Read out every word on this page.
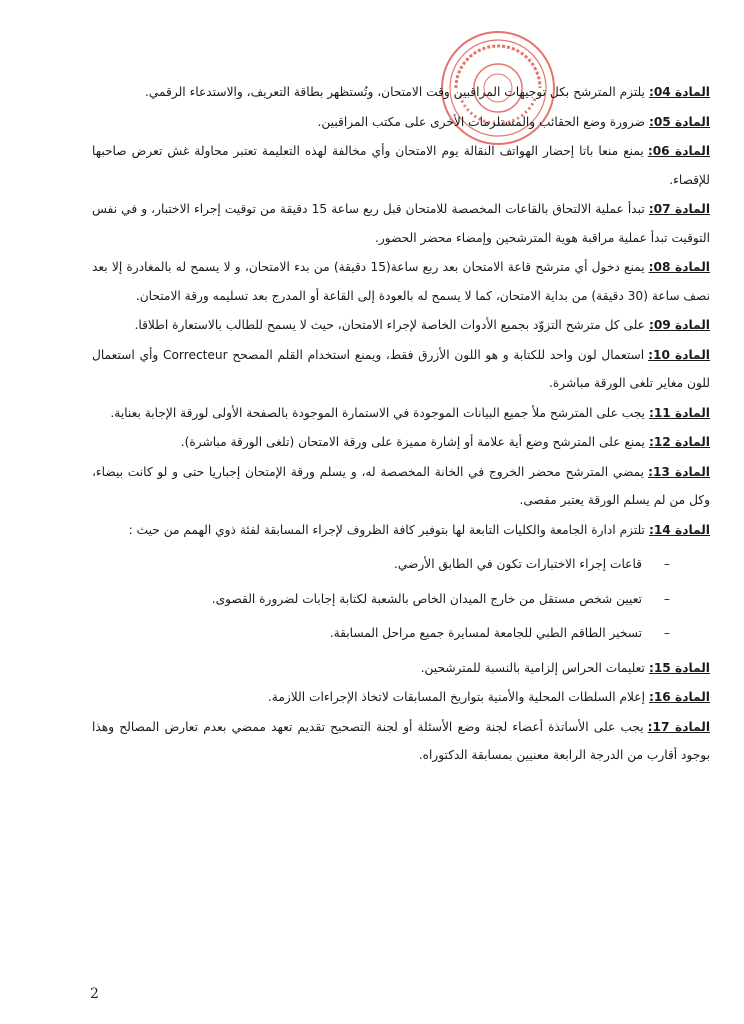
المادة 04:يلتزم المترشح بكل توجيهات المراقبين وقت الامتحان، وتُستظهر بطاقة التعريف، والاستدعاء الرقمي.
المادة 05:ضرورة وضع الحقائب والمستلزمات الأخرى على مكتب المراقبين.
المادة 06:يمنع منعا باتا إحضار الهواتف النقالة يوم الامتحان وأي مخالفة لهذه التعليمة تعتبر محاولة غش تعرض صاحبها للإقصاء.
المادة 07:تبدأ عملية الالتحاق بالقاعات المخصصة للامتحان قبل ربع ساعة 15 دقيقة من توقيت إجراء الاختبار، و في نفس التوقيت تبدأ عملية مراقبة هوية المترشحين وإمضاء محضر الحضور.
المادة 08:يمنع دخول أي مترشح قاعة الامتحان بعد ربع ساعة(15 دقيقة) من بدء الامتحان، و لا يسمح له بالمغادرة إلا بعد نصف ساعة (30 دقيقة) من بداية الامتحان، كما لا يسمح له بالعودة إلى القاعة أو المدرج بعد تسليمه ورقة الامتحان.
المادة 09:على كل مترشح التزوّد بجميع الأدوات الخاصة لإجراء الامتحان، حيث لا يسمح للطالب بالاستعارة اطلاقا.
المادة 10:استعمال لون واحد للكتابة و هو اللون الأزرق فقط، ويمنع استخدام القلم المصحح Correcteur وأي استعمال للون مغاير تلغى الورقة مباشرة.
المادة 11:يجب على المترشح ملأ جميع البيانات الموجودة في الاستمارة الموجودة بالصفحة الأولى لورقة الإجابة بعناية.
المادة 12:يمنع على المترشح وضع أية علامة أو إشارة مميزة على ورقة الامتحان (تلغى الورقة مباشرة).
المادة 13:يمضي المترشح محضر الخروج في الخانة المخصصة له، و يسلم ورقة الإمتحان إجباريا حتى و لو كانت بيضاء، وكل من لم يسلم الورقة يعتبر مقصى.
المادة 14:تلتزم ادارة الجامعة والكليات التابعة لها بتوفير كافة الظروف لإجراء المسابقة لفئة ذوي الهمم من حيث :
– قاعات إجراء الاختبارات تكون في الطابق الأرضي.
– تعيين شخص مستقل من خارج الميدان الخاص بالشعبة لكتابة إجابات لضرورة القصوى.
– تسخير الطاقم الطبي للجامعة لمسايرة جميع مراحل المسابقة.
المادة 15:تعليمات الحراس إلزامية بالنسبة للمترشحين.
المادة 16:إعلام السلطات المحلية والأمنية بتواريخ المسابقات لاتخاذ الإجراءات اللازمة.
المادة 17:يجب على الأساتذة أعضاء لجنة وضع الأسئلة أو لجنة التصحيح تقديم تعهد ممضي بعدم تعارض المصالح وهذا بوجود أقارب من الدرجة الرابعة معنيين بمسابقة الدكتوراه.
2
